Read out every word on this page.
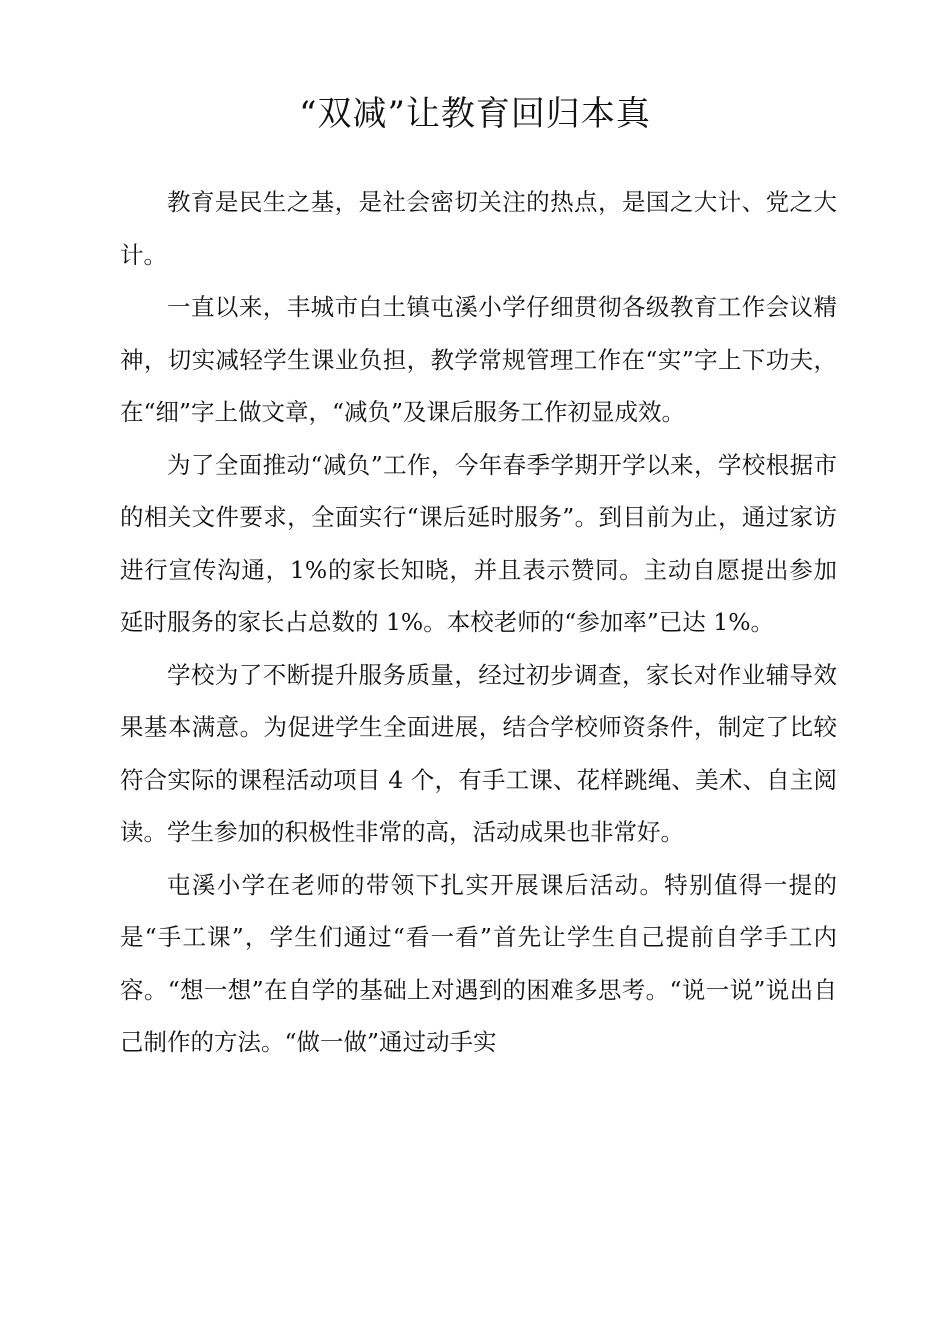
“双减”让教育回归本真

教育是民生之基，是社会密切关注的热点，是国之大计、党之大计。

一直以来，丰城市白土镇屯溪小学仔细贯彻各级教育工作会议精神，切实减轻学生课业负担，教学常规管理工作在“实”字上下功夫，在“细”字上做文章，“减负”及课后服务工作初显成效。

为了全面推动“减负”工作，今年春季学期开学以来，学校根据市的相关文件要求，全面实行“课后延时服务”。到目前为止，通过家访进行宣传沟通，1%的家长知晓，并且表示赞同。主动自愿提出参加延时服务的家长占总数的 1%。本校老师的“参加率”已达 1%。

学校为了不断提升服务质量，经过初步调查，家长对作业辅导效果基本满意。为促进学生全面进展，结合学校师资条件，制定了比较符合实际的课程活动项目 4 个，有手工课、花样跳绳、美术、自主阅读。学生参加的积极性非常的高，活动成果也非常好。

屯溪小学在老师的带领下扎实开展课后活动。特别值得一提的是“手工课”，学生们通过“看一看”首先让学生自己提前自学手工内容。“想一想”在自学的基础上对遇到的困难多思考。“说一说”说出自己制作的方法。“做一做”通过动手实
